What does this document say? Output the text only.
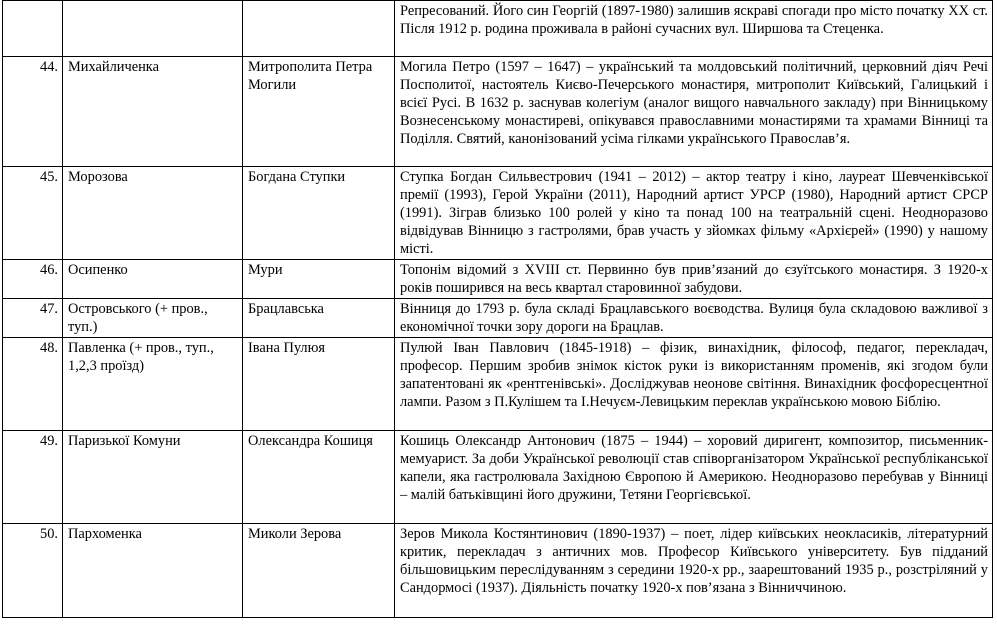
			Репресований. Його син Георгій (1897-1980) залишив яскраві спогади про місто початку ХХ ст. Після 1912 р. родина проживала в районі сучасних вул. Ширшова та Стеценка.
44.	Михайличенка	Митрополита Петра Могили	Могила Петро (1597 – 1647) – український та молдовський політичний, церковний діяч Речі Посполитої, настоятель Києво-Печерського монастиря, митрополит Київський, Галицький і всієї Русі. В 1632 р. заснував колегіум (аналог вищого навчального закладу) при Вінницькому Вознесенському монастиреві, опікувався православними монастирями та храмами Вінниці та Поділля. Святий, канонізований усіма гілками українського Православ’я.
45.	Морозова	Богдана Ступки	Ступка Богдан Сильвестрович (1941 – 2012) – актор театру і кіно, лауреат Шевченківської премії (1993), Герой України (2011), Народний артист УРСР (1980), Народний артист СРСР (1991). Зіграв близько 100 ролей у кіно та понад 100 на театральній сцені. Неодноразово відвідував Вінницю з гастролями, брав участь у зйомках фільму «Архієрей» (1990) у нашому місті.
46.	Осипенко	Мури	Топонім відомий з XVIII ст. Первинно був прив’язаний до єзуїтського монастиря. З 1920-х років поширився на весь квартал старовинної забудови.
47.	Островського (+ пров., туп.)	Брацлавська	Вінниця до 1793 р. була складі Брацлавського воєводства. Вулиця була складовою важливої з економічної точки зору дороги на Брацлав.
48.	Павленка (+ пров., туп., 1,2,3 проїзд)	Івана Пулюя	Пулюй Іван Павлович (1845-1918) – фізик, винахідник, філософ, педагог, перекладач, професор. Першим зробив знімок кісток руки із використанням променів, які згодом були запатентовані як «рентгенівські». Досліджував неонове світіння. Винахідник фосфоресцентної лампи. Разом з П.Кулішем та І.Нечуєм-Левицьким переклав українською мовою Біблію.
49.	Паризької Комуни	Олександра Кошиця	Кошиць Олександр Антонович (1875 – 1944) – хоровий диригент, композитор, письменник-мемуарист. За доби Української революції став співорганізатором Української республіканської капели, яка гастролювала Західною Європою й Америкою. Неодноразово перебував у Вінниці – малій батьківщині його дружини, Тетяни Георгієвської.
50.	Пархоменка	Миколи Зерова	Зеров Микола Костянтинович (1890-1937) – поет, лідер київських неокласиків, літературний критик, перекладач з античних мов. Професор Київського університету. Був підданий більшовицьким переслідуванням з середини 1920-х рр., заарештований 1935 р., розстріляний у Сандормосі (1937). Діяльність початку 1920-х пов’язана з Вінниччиною.
